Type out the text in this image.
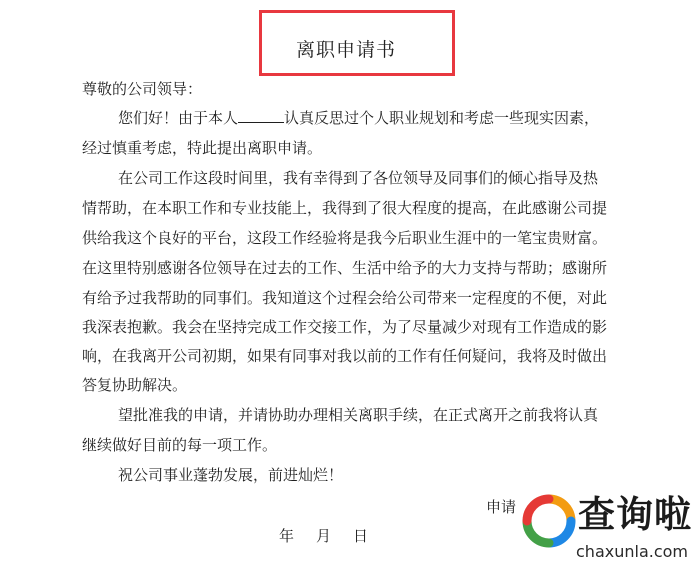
离职申请书
尊敬的公司领导：
您们好！由于本人	认真反思过个人职业规划和考虑一些现实因素，
经过慎重考虑，特此提出离职申请。
在公司工作这段时间里，我有幸得到了各位领导及同事们的倾心指导及热
情帮助，在本职工作和专业技能上，我得到了很大程度的提高，在此感谢公司提
供给我这个良好的平台，这段工作经验将是我今后职业生涯中的一笔宝贵财富。
在这里特别感谢各位领导在过去的工作、生活中给予的大力支持与帮助；感谢所
有给予过我帮助的同事们。我知道这个过程会给公司带来一定程度的不便，对此
我深表抱歉。我会在坚持完成工作交接工作，为了尽量减少对现有工作造成的影
响，在我离开公司初期，如果有同事对我以前的工作有任何疑问，我将及时做出
答复协助解决。
望批准我的申请，并请协助办理相关离职手续，在正式离开之前我将认真
继续做好目前的每一项工作。
祝公司事业蓬勃发展，前进灿烂！
申请
年 月 日	查询啦
chaxunla.com
